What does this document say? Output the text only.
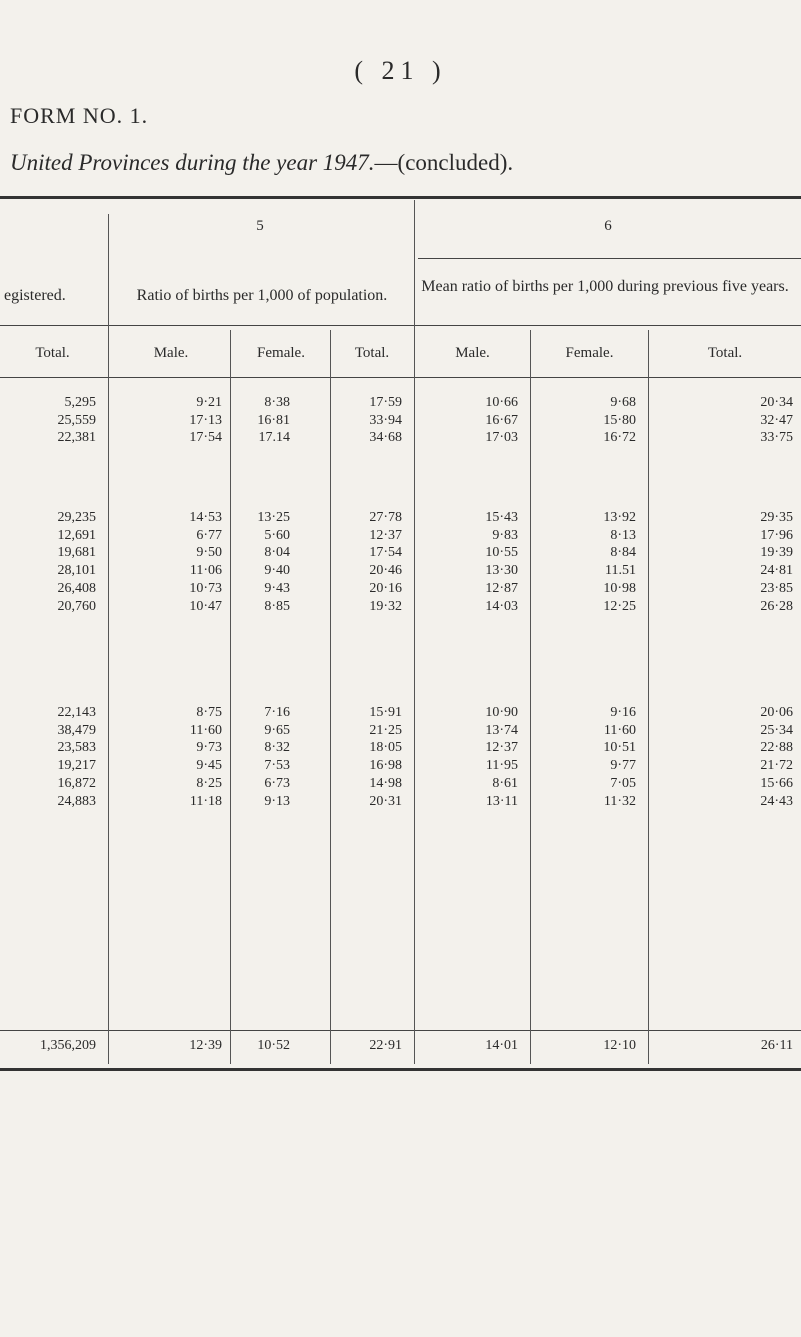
( 21 )
FORM NO. 1.
United Provinces during the year 1947.—(concluded).
5	6
egistered.	Ratio of births per 1,000 of population.
Mean ratio of births per 1,000 during previous five years.
Total.	Male.	Female.	Total.	Male.	Female.	Total.
5,295	9·21	8·38	17·59	10·66	9·68	20·34
25,559	17·13	16·81	33·94	16·67	15·80	32·47
22,381	17·54	17.14	34·68	17·03	16·72	33·75
29,235	14·53	13·25	27·78	15·43	13·92	29·35
12,691	6·77	5·60	12·37	9·83	8·13	17·96
19,681	9·50	8·04	17·54	10·55	8·84	19·39
28,101	11·06	9·40	20·46	13·30	11.51	24·81
26,408	10·73	9·43	20·16	12·87	10·98	23·85
20,760	10·47	8·85	19·32	14·03	12·25	26·28
22,143	8·75	7·16	15·91	10·90	9·16	20·06
38,479	11·60	9·65	21·25	13·74	11·60	25·34
23,583	9·73	8·32	18·05	12·37	10·51	22·88
19,217	9·45	7·53	16·98	11·95	9·77	21·72
16,872	8·25	6·73	14·98	8·61	7·05	15·66
24,883	11·18	9·13	20·31	13·11	11·32	24·43
1,356,209	12·39	10·52	22·91	14·01	12·10	26·11
